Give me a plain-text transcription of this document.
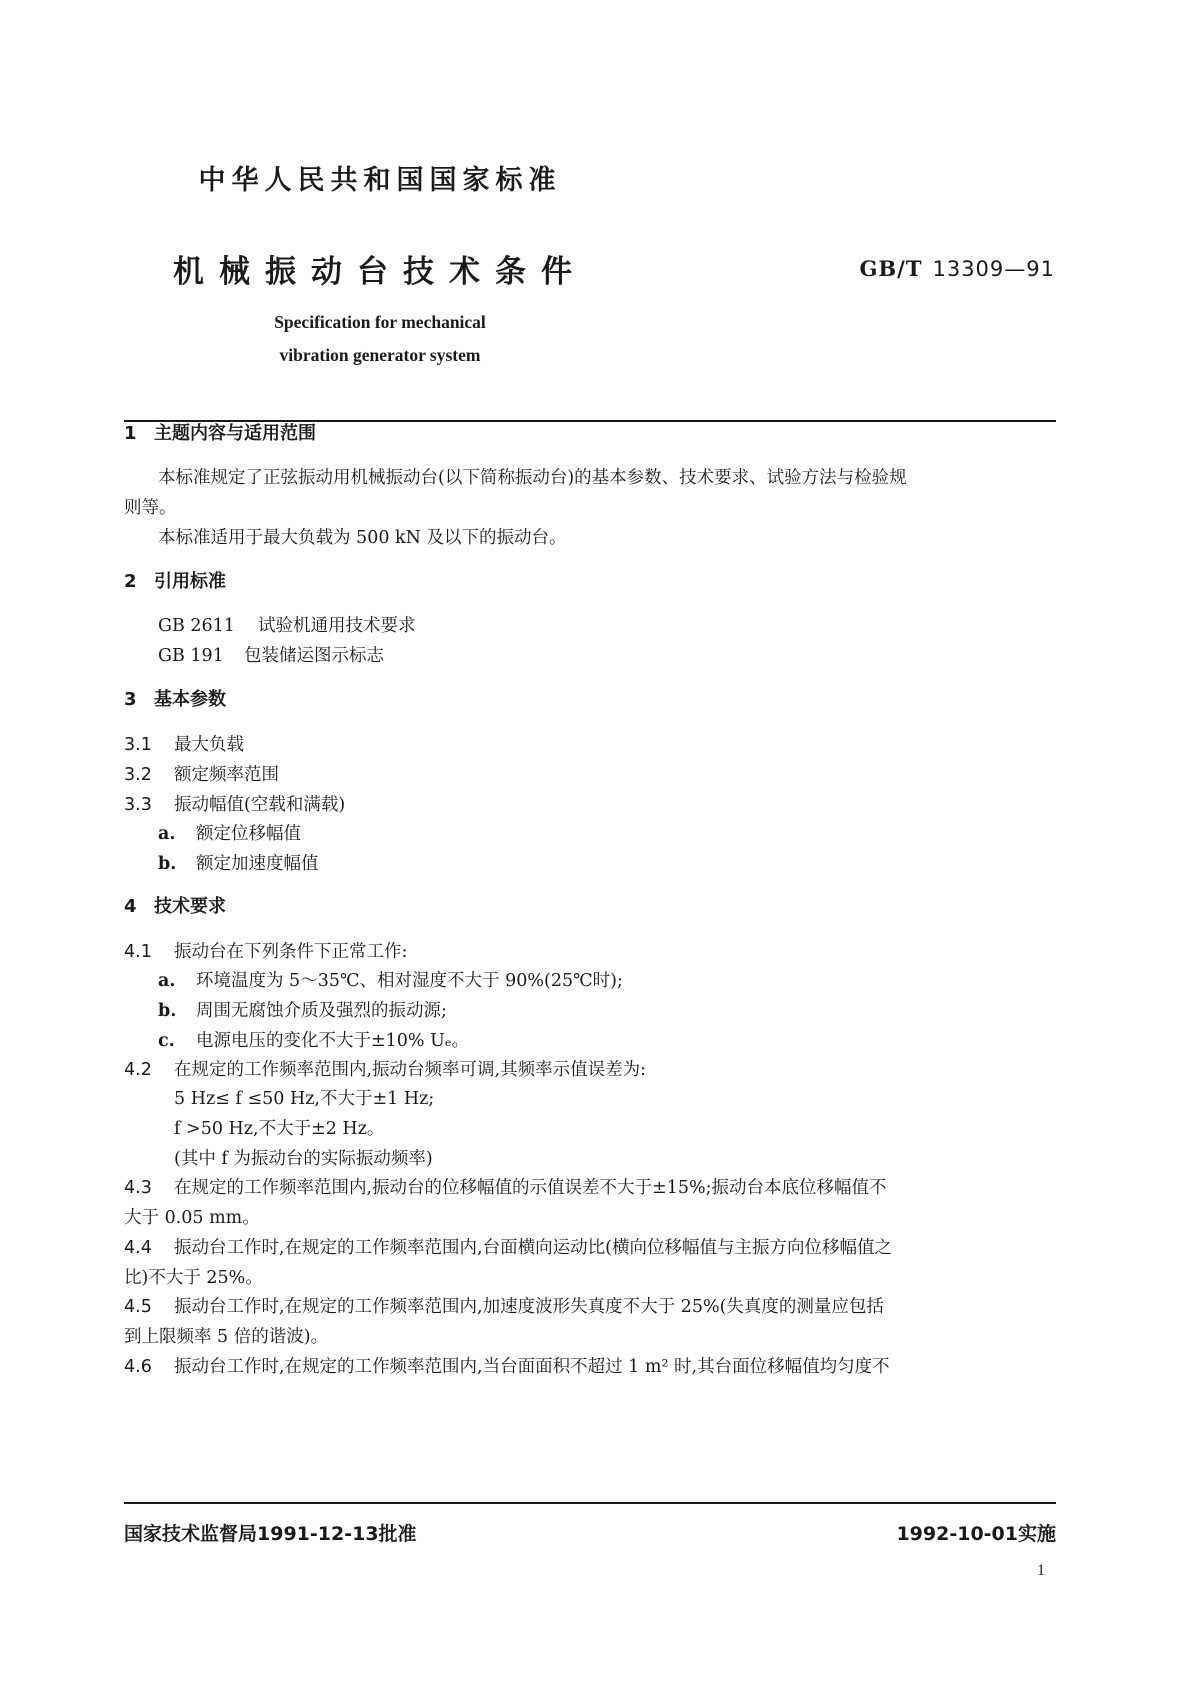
中华人民共和国国家标准
机械振动台技术条件	GB/T 13309—91
Specification for mechanical
vibration generator system
1 主题内容与适用范围
本标准规定了正弦振动用机械振动台(以下简称振动台)的基本参数、技术要求、试验方法与检验规
则等。
本标准适用于最大负载为 500 kN 及以下的振动台。
2 引用标准
GB 2611 试验机通用技术要求
GB 191 包装储运图示标志
3 基本参数
3.1 最大负载
3.2 额定频率范围
3.3 振动幅值(空载和满载)
a. 额定位移幅值
b. 额定加速度幅值
4 技术要求
4.1 振动台在下列条件下正常工作:
a. 环境温度为 5～35℃、相对湿度不大于 90%(25℃时);
b. 周围无腐蚀介质及强烈的振动源;
c. 电源电压的变化不大于±10% Uₑ。
4.2 在规定的工作频率范围内,振动台频率可调,其频率示值误差为:
5 Hz≤ f ≤50 Hz,不大于±1 Hz;
f >50 Hz,不大于±2 Hz。
(其中 f 为振动台的实际振动频率)
4.3 在规定的工作频率范围内,振动台的位移幅值的示值误差不大于±15%;振动台本底位移幅值不
大于 0.05 mm。
4.4 振动台工作时,在规定的工作频率范围内,台面横向运动比(横向位移幅值与主振方向位移幅值之
比)不大于 25%。
4.5 振动台工作时,在规定的工作频率范围内,加速度波形失真度不大于 25%(失真度的测量应包括
到上限频率 5 倍的谐波)。
4.6 振动台工作时,在规定的工作频率范围内,当台面面积不超过 1 m² 时,其台面位移幅值均匀度不
国家技术监督局1991-12-13批准	1992-10-01实施
1
